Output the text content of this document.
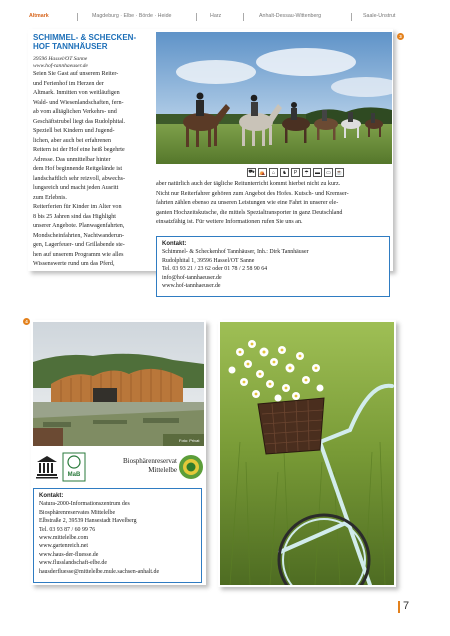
Altmark	Magdeburg · Elbe · Börde · Heide	Harz	Anhalt-Dessau-Wittenberg	Saale-Unstrut
3
SCHIMMEL- & SCHECKEN-
HOF TANNHÄUSER
39596 Hassel/OT Sanne
www.hof-tannhaeuser.de
Seien Sie Gast auf unserem Reiter-
und Ferienhof im Herzen der
Altmark. Inmitten von weitläufigen
Wald- und Wiesenlandschaften, fern-
ab vom alltäglichen Verkehrs- und
Geschäftstrubel liegt das Rudolphital.
Speziell bei Kindern und Jugend-
lichen, aber auch bei erfahrenen
Reitern ist der Hof eine heiß begehrte
Adresse. Das unmittelbar hinter
dem Hof beginnende Reitgelände ist
landschaftlich sehr reizvoll, abwechs-
lungsreich und macht jeden Ausritt
zum Erlebnis.
Reiterferien für Kinder im Alter von
8 bis 25 Jahren sind das Highlight
unserer Angebote. Planwagenfahrten,
Mondscheinfahrten, Nachtwanderun-
gen, Lagerfeuer- und Grillabende ste-
hen auf unserem Programm wie alles
Wissenswerte rund um das Pferd,
⛟ ⛺	⌂	♞	P	☂	▬	▭	☕
aber natürlich auch der tägliche Reitunterricht kommt hierbei nicht zu kurz.
Nicht nur Reiterfahrer gehören zum Angebot des Hofes. Kutsch- und Kremser-
fahrten zählen ebenso zu unseren Leistungen wie eine Fahrt in unserer ele-
ganten Hochzeitskutsche, die mittels Spezialtransporter in ganz Deutschland
einsatzfähig ist. Für weitere Informationen rufen Sie uns an.
Kontakt:
Schimmel- & Scheckenhof Tannhäuser, Inh.: Dirk Tannhäuser
Rudolphital 1, 39596 Hassel/OT Sanne
Tel. 03 93 21 / 23 62 oder 01 78 / 2 58 90 64
info@hof-tannhaeuser.de
www.hof-tannhaeuser.de
4
Foto: Privat
MaB
Biosphärenreservat
Mittelelbe
Kontakt:
Natura-2000-Informationszentrum des
Biosphärenreservates Mittelelbe
Elbstraße 2, 39539 Hansestadt Havelberg
Tel. 03 93 87 / 60 99 76
www.mittelelbe.com
www.gartenreich.net
www.haus-der-fluesse.de
www.flusslandschaft-elbe.de
hausderfluesse@mittelelbe.mule.sachsen-anhalt.de
7
